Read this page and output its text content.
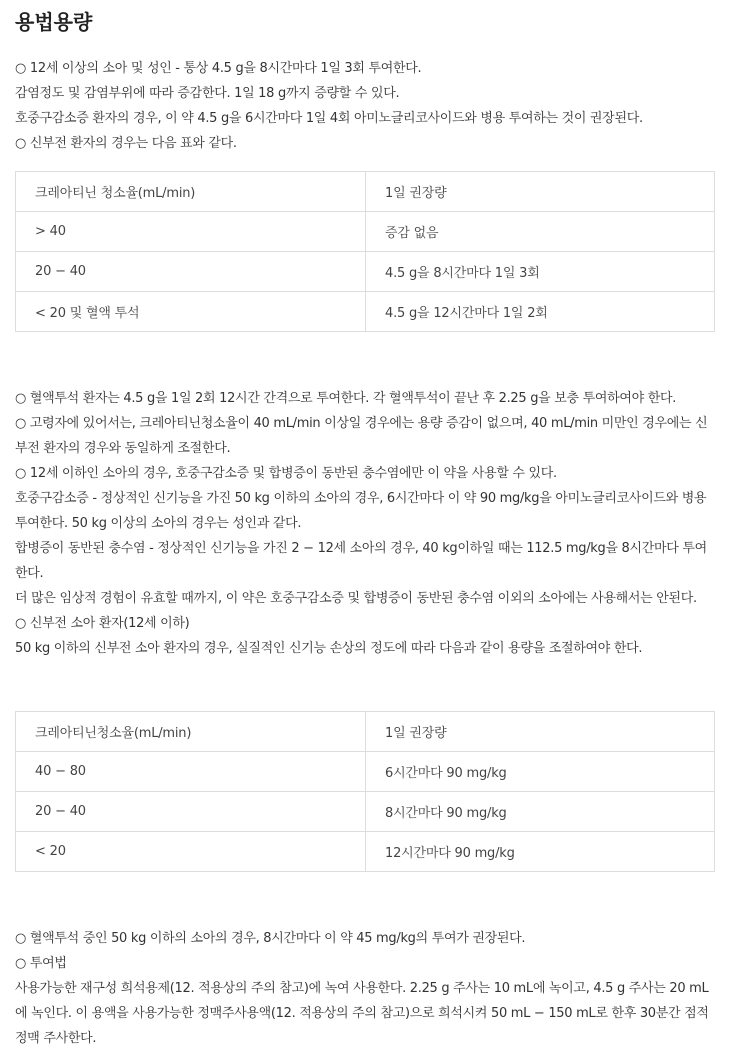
용법용량

○ 12세 이상의 소아 및 성인 - 통상 4.5 g을 8시간마다 1일 3회 투여한다.

감염정도 및 감염부위에 따라 증감한다. 1일 18 g까지 증량할 수 있다.

호중구감소증 환자의 경우, 이 약 4.5 g을 6시간마다 1일 4회 아미노글리코사이드와 병용 투여하는 것이 권장된다.

○ 신부전 환자의 경우는 다음 표와 같다.

크레아티닌 청소율(mL/min)	1일 권장량
> 40	증감 없음
20 − 40	4.5 g을 8시간마다 1일 3회
< 20 및 혈액 투석	4.5 g을 12시간마다 1일 2회

○ 혈액투석 환자는 4.5 g을 1일 2회 12시간 간격으로 투여한다. 각 혈액투석이 끝난 후 2.25 g을 보충 투여하여야 한다.

○ 고령자에 있어서는, 크레아티닌청소율이 40 mL/min 이상일 경우에는 용량 증감이 없으며, 40 mL/min 미만인 경우에는 신부전 환자의 경우와 동일하게 조절한다.

○ 12세 이하인 소아의 경우, 호중구감소증 및 합병증이 동반된 충수염에만 이 약을 사용할 수 있다.

호중구감소증 - 정상적인 신기능을 가진 50 kg 이하의 소아의 경우, 6시간마다 이 약 90 mg/kg을 아미노글리코사이드와 병용 투여한다. 50 kg 이상의 소아의 경우는 성인과 같다.

합병증이 동반된 충수염 - 정상적인 신기능을 가진 2 − 12세 소아의 경우, 40 kg이하일 때는 112.5 mg/kg을 8시간마다 투여한다.

더 많은 임상적 경험이 유효할 때까지, 이 약은 호중구감소증 및 합병증이 동반된 충수염 이외의 소아에는 사용해서는 안된다.

○ 신부전 소아 환자(12세 이하)

50 kg 이하의 신부전 소아 환자의 경우, 실질적인 신기능 손상의 정도에 따라 다음과 같이 용량을 조절하여야 한다.

크레아티닌청소율(mL/min)	1일 권장량
40 − 80	6시간마다 90 mg/kg
20 − 40	8시간마다 90 mg/kg
< 20	12시간마다 90 mg/kg

○ 혈액투석 중인 50 kg 이하의 소아의 경우, 8시간마다 이 약 45 mg/kg의 투여가 권장된다.

○ 투여법

사용가능한 재구성 희석용제(12. 적용상의 주의 참고)에 녹여 사용한다. 2.25 g 주사는 10 mL에 녹이고, 4.5 g 주사는 20 mL에 녹인다. 이 용액을 사용가능한 정맥주사용액(12. 적용상의 주의 참고)으로 희석시켜 50 mL − 150 mL로 한후 30분간 점적 정맥 주사한다.
